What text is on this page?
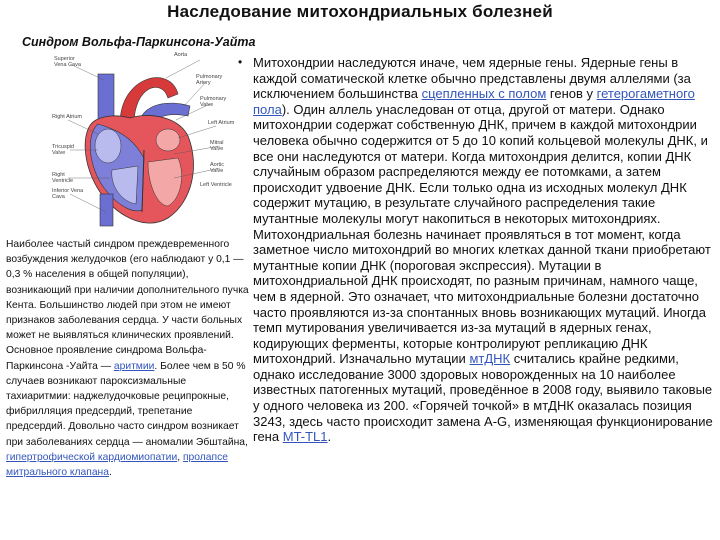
Наследование митохондриальных болезней
Синдром Вольфа-Паркинсона-Уайта
Superior Vena Cava
Aorta
Pulmonary Artery
Pulmonary Valve
Right Atrium
Left Atrium
Tricuspid Valve
Mitral Valve
Aortic Valve
Right Ventricle
Left Ventricle
Inferior Vena Cava
Наиболее частый синдром преждевременного возбуждения желудочков (его наблюдают у 0,1 — 0,3 % населения в общей популяции), возникающий при наличии дополнительного пучка Кента. Большинство людей при этом не имеют признаков заболевания сердца. У части больных может не выявляться клинических проявлений. Основное проявление синдрома Вольфа-Паркинсона -Уайта — аритмии. Более чем в 50 % случаев возникают пароксизмальные тахиаритмии: наджелудочковые реципрокные, фибрилляция предсердий, трепетание предсердий. Довольно часто синдром возникает при заболеваниях сердца — аномалии Эбштайна, гипертрофической кардиомиопатии, пролапсе митрального клапана.
• Митохондрии наследуются иначе, чем ядерные гены. Ядерные гены в каждой соматической клетке обычно представлены двумя аллелями (за исключением большинства сцепленных с полом генов у гетерогаметного пола). Один аллель унаследован от отца, другой от матери. Однако митохондрии содержат собственную ДНК, причем в каждой митохондрии человека обычно содержится от 5 до 10 копий кольцевой молекулы ДНК, и все они наследуются от матери. Когда митохондрия делится, копии ДНК случайным образом распределяются между ее потомками, а затем происходит удвоение ДНК. Если только одна из исходных молекул ДНК содержит мутацию, в результате случайного распределения такие мутантные молекулы могут накопиться в некоторых митохондриях. Митохондриальная болезнь начинает проявляться в тот момент, когда заметное число митохондрий во многих клетках данной ткани приобретают мутантные копии ДНК (пороговая экспрессия). Мутации в митохондриальной ДНК происходят, по разным причинам, намного чаще, чем в ядерной. Это означает, что митохондриальные болезни достаточно часто проявляются из-за спонтанных вновь возникающих мутаций. Иногда темп мутирования увеличивается из-за мутаций в ядерных генах, кодирующих ферменты, которые контролируют репликацию ДНК митохондрий. Изначально мутации мтДНК считались крайне редкими, однако исследование 3000 здоровых новорожденных на 10 наиболее известных патогенных мутаций, проведённое в 2008 году, выявило таковые у одного человека из 200. «Горячей точкой» в мтДНК оказалась позиция 3243, здесь часто происходит замена A-G, изменяющая функционирование гена MT-TL1.
